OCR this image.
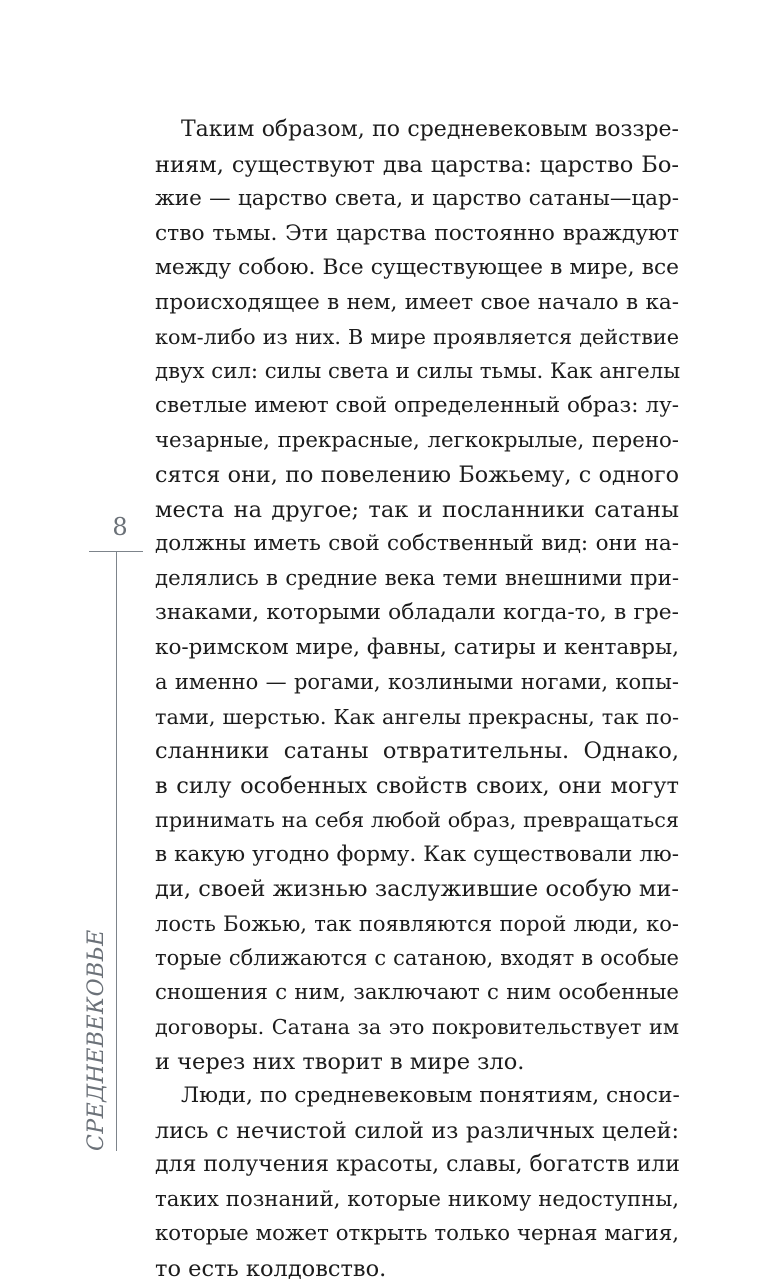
8
СРЕДНЕВЕКОВЬЕ
Таким образом, по средневековым воззре-
ниям, существуют два царства: царство Бо-
жие — царство света, и царство сатаны—цар-
ство тьмы. Эти царства постоянно враждуют
между собою. Все существующее в мире, все
происходящее в нем, имеет свое начало в ка-
ком-либо из них. В мире проявляется действие
двух сил: силы света и силы тьмы. Как ангелы
светлые имеют свой определенный образ: лу-
чезарные, прекрасные, легкокрылые, перено-
сятся они, по повелению Божьему, с одного
места на другое; так и посланники сатаны
должны иметь свой собственный вид: они на-
делялись в средние века теми внешними при-
знаками, которыми обладали когда-то, в гре-
ко-римском мире, фавны, сатиры и кентавры,
а именно — рогами, козлиными ногами, копы-
тами, шерстью. Как ангелы прекрасны, так по-
сланники сатаны отвратительны. Однако,
в силу особенных свойств своих, они могут
принимать на себя любой образ, превращаться
в какую угодно форму. Как существовали лю-
ди, своей жизнью заслужившие особую ми-
лость Божью, так появляются порой люди, ко-
торые сближаются с сатаною, входят в особые
сношения с ним, заключают с ним особенные
договоры. Сатана за это покровительствует им
и через них творит в мире зло.
Люди, по средневековым понятиям, сноси-
лись с нечистой силой из различных целей:
для получения красоты, славы, богатств или
таких познаний, которые никому недоступны,
которые может открыть только черная магия,
то есть колдовство.
